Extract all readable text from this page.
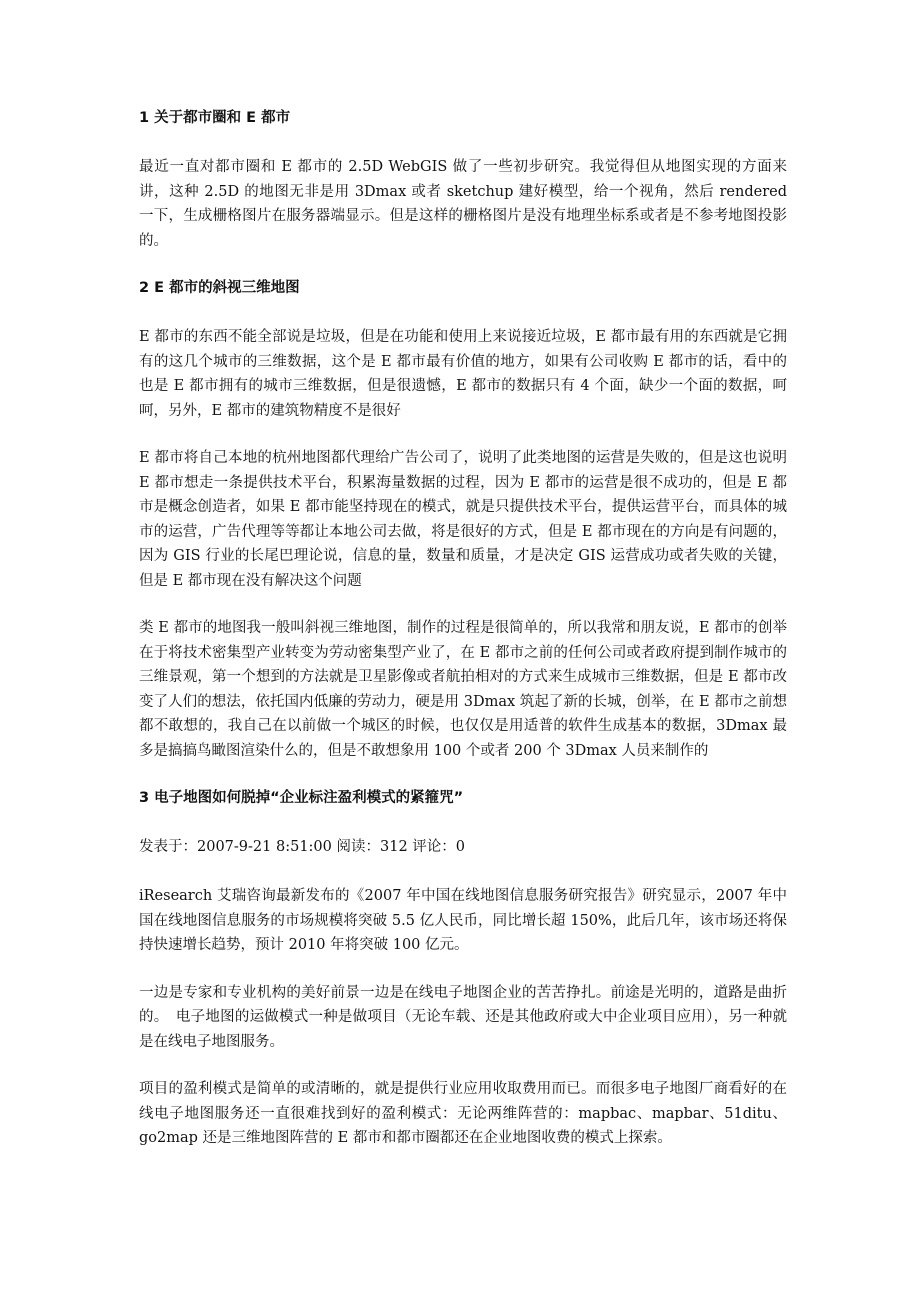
1 关于都市圈和 E 都市

最近一直对都市圈和 E 都市的 2.5D WebGIS 做了一些初步研究。我觉得但从地图实现的方面来讲，这种 2.5D 的地图无非是用 3Dmax 或者 sketchup 建好模型，给一个视角，然后 rendered 一下，生成栅格图片在服务器端显示。但是这样的栅格图片是没有地理坐标系或者是不参考地图投影的。

2 E 都市的斜视三维地图

E 都市的东西不能全部说是垃圾，但是在功能和使用上来说接近垃圾，E 都市最有用的东西就是它拥有的这几个城市的三维数据，这个是 E 都市最有价值的地方，如果有公司收购 E 都市的话，看中的也是 E 都市拥有的城市三维数据，但是很遗憾，E 都市的数据只有 4 个面，缺少一个面的数据，呵呵，另外，E 都市的建筑物精度不是很好

E 都市将自己本地的杭州地图都代理给广告公司了，说明了此类地图的运营是失败的，但是这也说明 E 都市想走一条提供技术平台，积累海量数据的过程，因为 E 都市的运营是很不成功的，但是 E 都市是概念创造者，如果 E 都市能坚持现在的模式，就是只提供技术平台，提供运营平台，而具体的城市的运营，广告代理等等都让本地公司去做，将是很好的方式，但是 E 都市现在的方向是有问题的，因为 GIS 行业的长尾巴理论说，信息的量，数量和质量，才是决定 GIS 运营成功或者失败的关键，但是 E 都市现在没有解决这个问题

类 E 都市的地图我一般叫斜视三维地图，制作的过程是很简单的，所以我常和朋友说，E 都市的创举在于将技术密集型产业转变为劳动密集型产业了，在 E 都市之前的任何公司或者政府提到制作城市的三维景观，第一个想到的方法就是卫星影像或者航拍相对的方式来生成城市三维数据，但是 E 都市改变了人们的想法，依托国内低廉的劳动力，硬是用 3Dmax 筑起了新的长城，创举，在 E 都市之前想都不敢想的，我自己在以前做一个城区的时候，也仅仅是用适普的软件生成基本的数据，3Dmax 最多是搞搞鸟瞰图渲染什么的，但是不敢想象用 100 个或者 200 个 3Dmax 人员来制作的

3 电子地图如何脱掉“企业标注盈利模式的紧箍咒”

发表于：2007-9-21 8:51:00 阅读：312 评论：0

iResearch 艾瑞咨询最新发布的《2007 年中国在线地图信息服务研究报告》研究显示，2007 年中国在线地图信息服务的市场规模将突破 5.5 亿人民币，同比增长超 150%，此后几年，该市场还将保持快速增长趋势，预计 2010 年将突破 100 亿元。

一边是专家和专业机构的美好前景一边是在线电子地图企业的苦苦挣扎。前途是光明的，道路是曲折的。　电子地图的运做模式一种是做项目（无论车载、还是其他政府或大中企业项目应用），另一种就是在线电子地图服务。

项目的盈利模式是简单的或清晰的，就是提供行业应用收取费用而已。而很多电子地图厂商看好的在线电子地图服务还一直很难找到好的盈利模式：无论两维阵营的：mapbac、mapbar、51ditu、go2map 还是三维地图阵营的 E 都市和都市圈都还在企业地图收费的模式上探索。
